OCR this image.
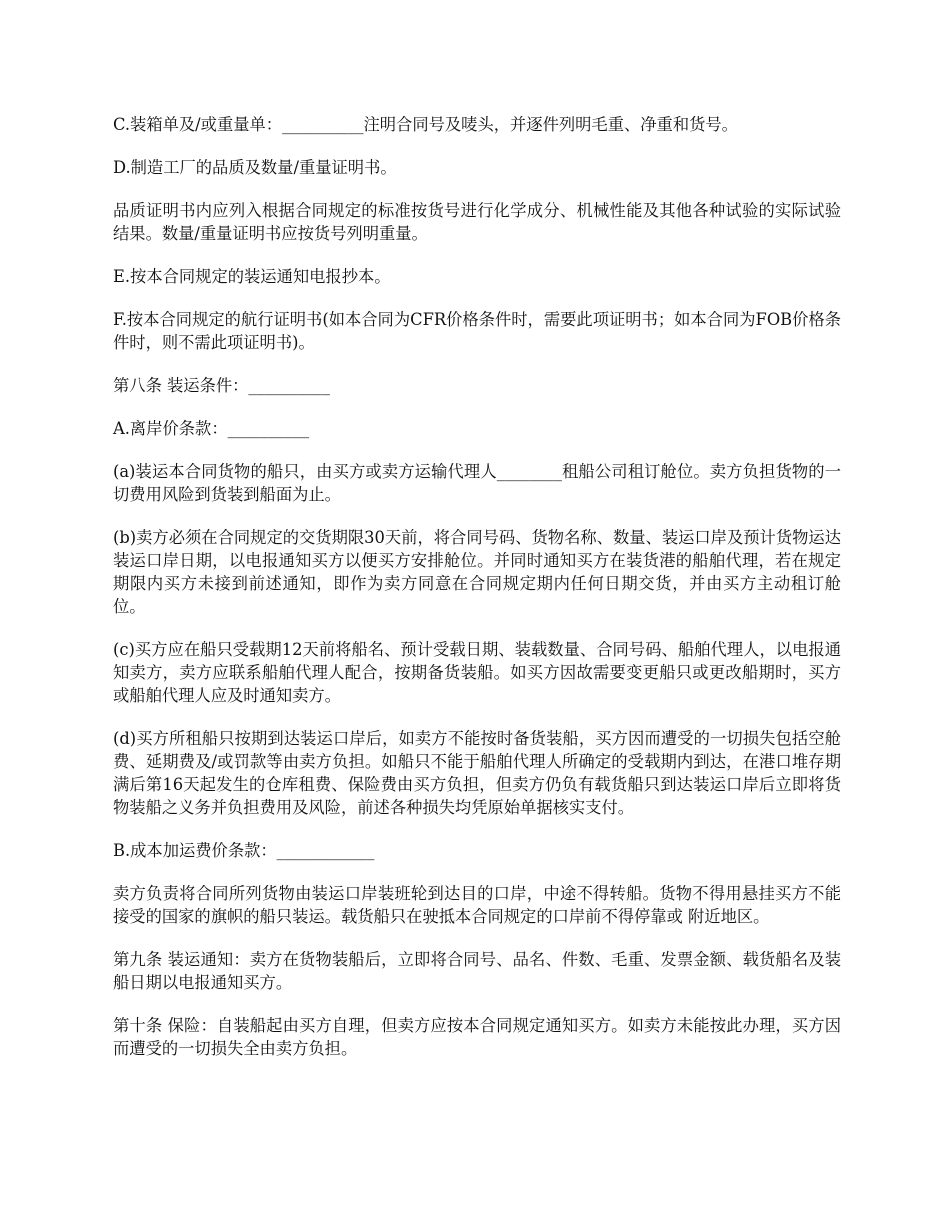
C.装箱单及/或重量单：__________注明合同号及唛头，并逐件列明毛重、净重和货号。

D.制造工厂的品质及数量/重量证明书。

品质证明书内应列入根据合同规定的标准按货号进行化学成分、机械性能及其他各种试验的实际试验结果。数量/重量证明书应按货号列明重量。

E.按本合同规定的装运通知电报抄本。

F.按本合同规定的航行证明书(如本合同为CFR价格条件时，需要此项证明书；如本合同为FOB价格条件时，则不需此项证明书)。

第八条 装运条件：__________

A.离岸价条款：__________

(a)装运本合同货物的船只，由买方或卖方运输代理人________租船公司租订舱位。卖方负担货物的一切费用风险到货装到船面为止。

(b)卖方必须在合同规定的交货期限30天前，将合同号码、货物名称、数量、装运口岸及预计货物运达装运口岸日期，以电报通知买方以便买方安排舱位。并同时通知买方在装货港的船舶代理，若在规定期限内买方未接到前述通知，即作为卖方同意在合同规定期内任何日期交货，并由买方主动租订舱位。

(c)买方应在船只受载期12天前将船名、预计受载日期、装载数量、合同号码、船舶代理人，以电报通知卖方，卖方应联系船舶代理人配合，按期备货装船。如买方因故需要变更船只或更改船期时，买方或船舶代理人应及时通知卖方。

(d)买方所租船只按期到达装运口岸后，如卖方不能按时备货装船，买方因而遭受的一切损失包括空舱费、延期费及/或罚款等由卖方负担。如船只不能于船舶代理人所确定的受载期内到达，在港口堆存期满后第16天起发生的仓库租费、保险费由买方负担，但卖方仍负有载货船只到达装运口岸后立即将货物装船之义务并负担费用及风险，前述各种损失均凭原始单据核实支付。

B.成本加运费价条款：____________

卖方负责将合同所列货物由装运口岸装班轮到达目的口岸，中途不得转船。货物不得用悬挂买方不能接受的国家的旗帜的船只装运。载货船只在驶抵本合同规定的口岸前不得停靠或 附近地区。

第九条 装运通知：卖方在货物装船后，立即将合同号、品名、件数、毛重、发票金额、载货船名及装船日期以电报通知买方。

第十条 保险：自装船起由买方自理，但卖方应按本合同规定通知买方。如卖方未能按此办理，买方因而遭受的一切损失全由卖方负担。
